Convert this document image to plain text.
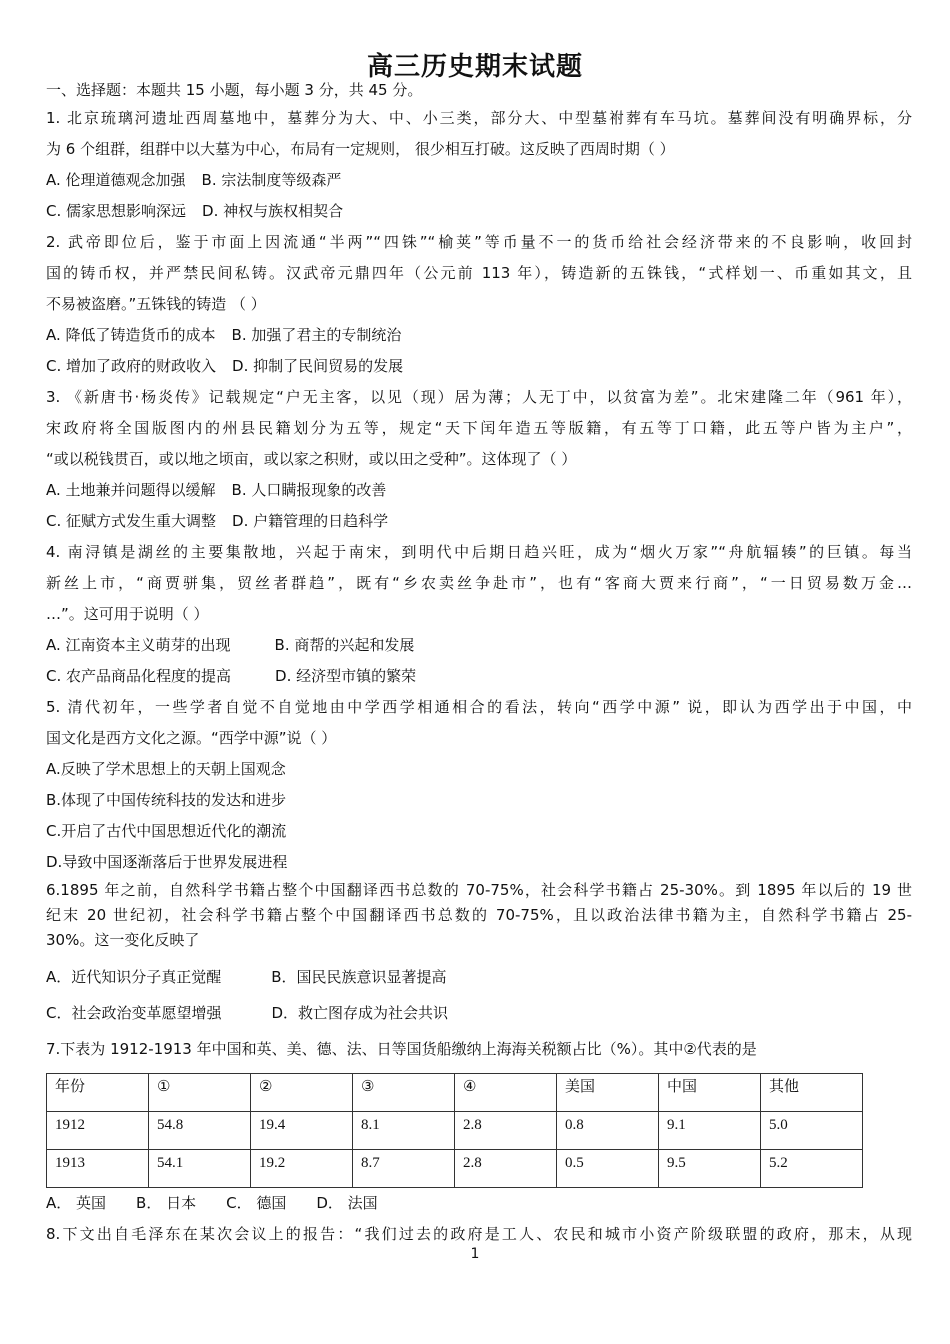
高三历史期末试题
一、选择题：本题共 15 小题，每小题 3 分，共 45 分。
1. 北京琉璃河遗址西周墓地中，墓葬分为大、中、小三类，部分大、中型墓祔葬有车马坑。墓葬间没有明确界标，分
为 6 个组群，组群中以大墓为中心，布局有一定规则， 很少相互打破。这反映了西周时期（ ）
A. 伦理道德观念加强 B. 宗法制度等级森严
C. 儒家思想影响深远 D. 神权与族权相契合
2. 武帝即位后，鉴于市面上因流通“半两”“四铢”“榆荚”等币量不一的货币给社会经济带来的不良影响，收回封
国的铸币权，并严禁民间私铸。汉武帝元鼎四年（公元前 113 年），铸造新的五铢钱，“式样划一、币重如其文，且
不易被盗磨。”五铢钱的铸造 （ ）
A. 降低了铸造货币的成本 B. 加强了君主的专制统治
C. 增加了政府的财政收入 D. 抑制了民间贸易的发展
3. 《新唐书·杨炎传》记载规定“户无主客，以见（现）居为薄；人无丁中，以贫富为差”。北宋建隆二年（961 年），
宋政府将全国版图内的州县民籍划分为五等，规定“天下闰年造五等版籍，有五等丁口籍，此五等户皆为主户”，
“或以税钱贯百，或以地之顷亩，或以家之积财，或以田之受种”。这体现了（ ）
A. 土地兼并问题得以缓解 B. 人口瞒报现象的改善
C. 征赋方式发生重大调整 D. 户籍管理的日趋科学
4. 南浔镇是湖丝的主要集散地，兴起于南宋，到明代中后期日趋兴旺，成为“烟火万家”“舟航辐辏”的巨镇。每当
新丝上市，“商贾骈集，贸丝者群趋”，既有“乡农卖丝争赴市”，也有“客商大贾来行商”，“一日贸易数万金…
…”。这可用于说明（ ）
A. 江南资本主义萌芽的出现	B. 商帮的兴起和发展
C. 农产品商品化程度的提高	D. 经济型市镇的繁荣
5. 清代初年，一些学者自觉不自觉地由中学西学相通相合的看法，转向“西学中源” 说，即认为西学出于中国，中
国文化是西方文化之源。“西学中源”说（ ）
A.反映了学术思想上的天朝上国观念
B.体现了中国传统科技的发达和进步
C.开启了古代中国思想近代化的潮流
D.导致中国逐渐落后于世界发展进程
6.1895 年之前，自然科学书籍占整个中国翻译西书总数的 70-75%，社会科学书籍占 25-30%。到 1895 年以后的 19 世
纪末 20 世纪初，社会科学书籍占整个中国翻译西书总数的 70-75%，且以政治法律书籍为主，自然科学书籍占 25-
30%。这一变化反映了
A．近代知识分子真正觉醒	B．国民民族意识显著提高
C．社会政治变革愿望增强	D．救亡图存成为社会共识
7.下表为 1912-1913 年中国和英、美、德、法、日等国货船缴纳上海海关税额占比（%）。其中②代表的是
年份	①	②	③	④	美国	中国	其他
1912	54.8	19.4	8.1	2.8	0.8	9.1	5.0
1913	54.1	19.2	8.7	2.8	0.5	9.5	5.2
A． 英国 B． 日本 C． 德国 D． 法国
8.下文出自毛泽东在某次会议上的报告：“我们过去的政府是工人、农民和城市小资产阶级联盟的政府，那末，从现
1
